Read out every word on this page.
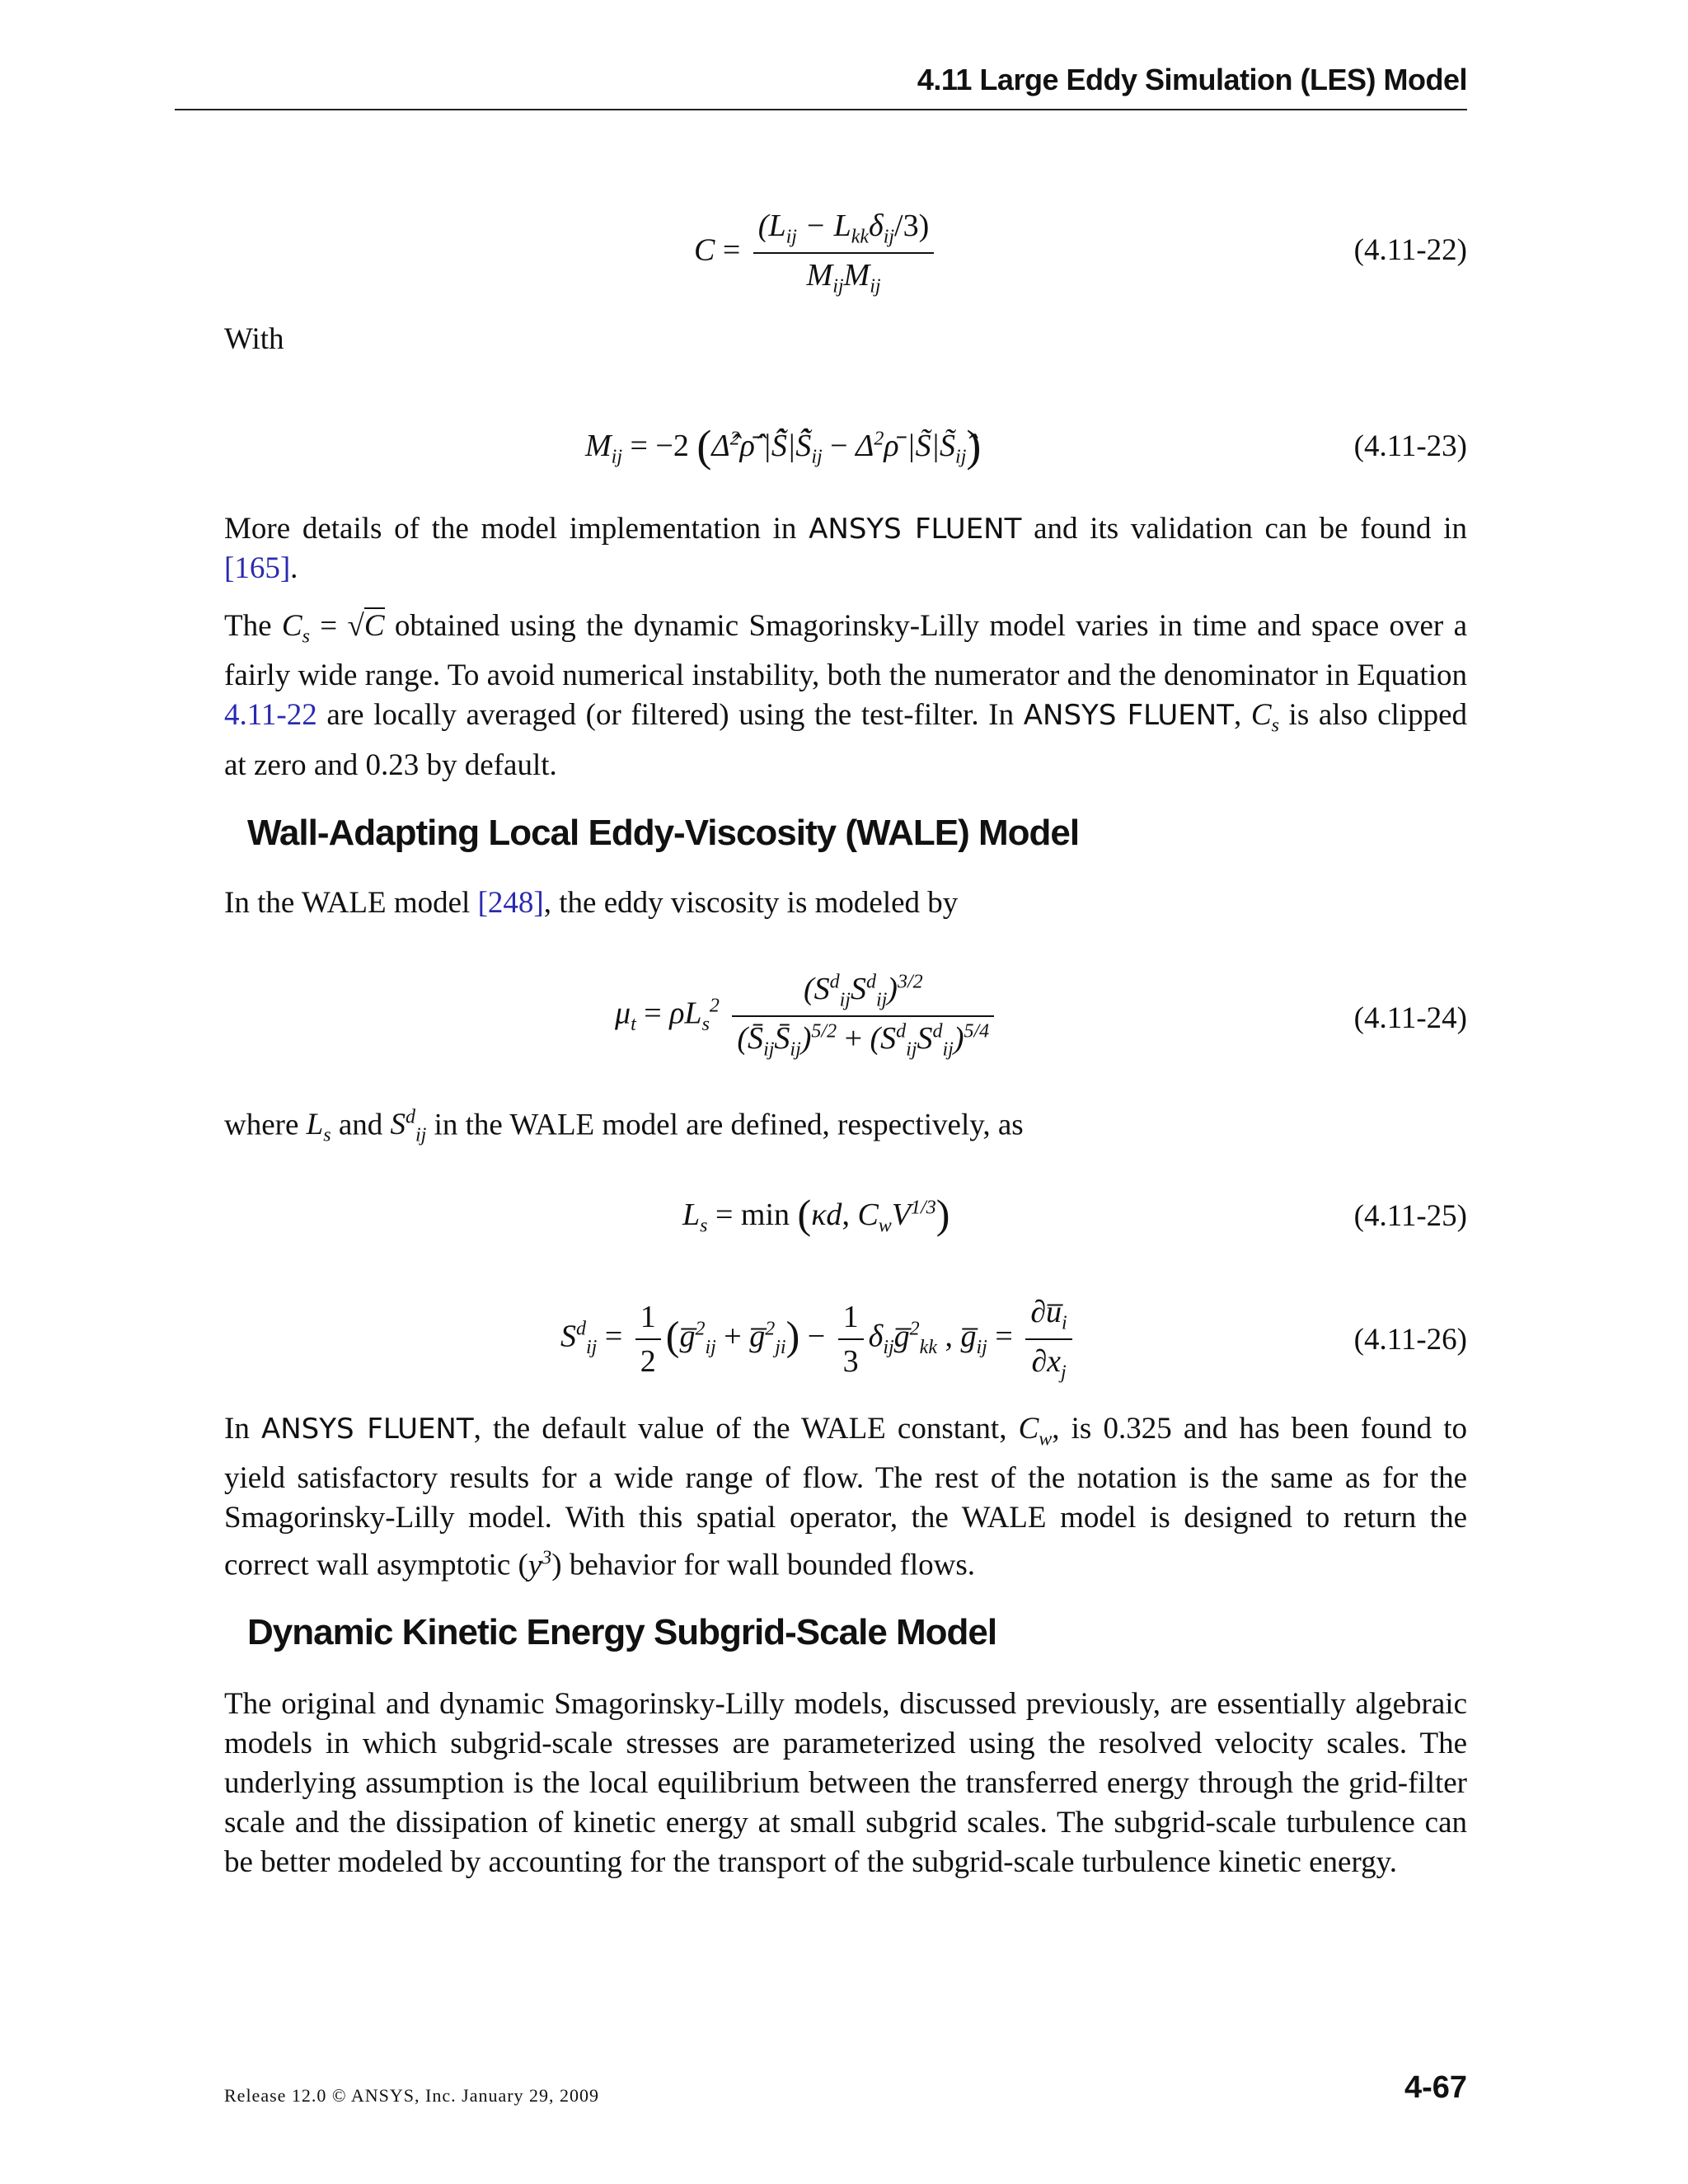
4.11 Large Eddy Simulation (LES) Model
$C = \frac{(L_{ij} - L_{kk}\delta_{ij}/3)}{M_{ij}M_{ij}}$	(4.11-22)
With
$M_{ij} = -2$ (Δ̂$^2$ρ̄̂ $|S̃̂|S̃̂_{ij}$ − $\Delta^2\rhō$ $|S̃|S̃_{ij}$)	(4.11-23)
More details of the model implementation in ANSYS FLUENT and its validation can be found in [165].
The $C_s = √C$ obtained using the dynamic Smagorinsky-Lilly model varies in time and space over a fairly wide range. To avoid numerical instability, both the numerator and the denominator in Equation 4.11-22 are locally averaged (or filtered) using the test-filter. In ANSYS FLUENT, $C_s$ is also clipped at zero and 0.23 by default.
Wall-Adapting Local Eddy-Viscosity (WALE) Model
In the WALE model [248], the eddy viscosity is modeled by
$\mu_t = \rho L_s^2 \frac{(S^d_{ij}S^d_{ij})^{3/2}}{(S̄_{ij}S̄_{ij})^{5/2} + (S^d_{ij}S^d_{ij})^{5/4}}$	(4.11-24)
where $L_s$ and $S^d_{ij}$ in the WALE model are defined, respectively, as
$L_s = \min (\kappa d$, $C_wV^{1/3}$)	(4.11-25)
$S^d_{ij} = \frac{1}{2}$ (g̅$^2_{ij}$ + g̅$^2_{ji}$) − $\frac{1}{3}$ $\delta_{ij}g̅^2_{kk}$ , $g̅_{ij} = \frac{\partial u̅_i}{\partial x_j}$	(4.11-26)
In ANSYS FLUENT, the default value of the WALE constant, $C_w$, is 0.325 and has been found to yield satisfactory results for a wide range of flow. The rest of the notation is the same as for the Smagorinsky-Lilly model. With this spatial operator, the WALE model is designed to return the correct wall asymptotic $(y^3)$ behavior for wall bounded flows.
Dynamic Kinetic Energy Subgrid-Scale Model
The original and dynamic Smagorinsky-Lilly models, discussed previously, are essentially algebraic models in which subgrid-scale stresses are parameterized using the resolved velocity scales. The underlying assumption is the local equilibrium between the transferred energy through the grid-filter scale and the dissipation of kinetic energy at small subgrid scales. The subgrid-scale turbulence can be better modeled by accounting for the transport of the subgrid-scale turbulence kinetic energy.
Release 12.0 © ANSYS, Inc. January 29, 2009	4-67
